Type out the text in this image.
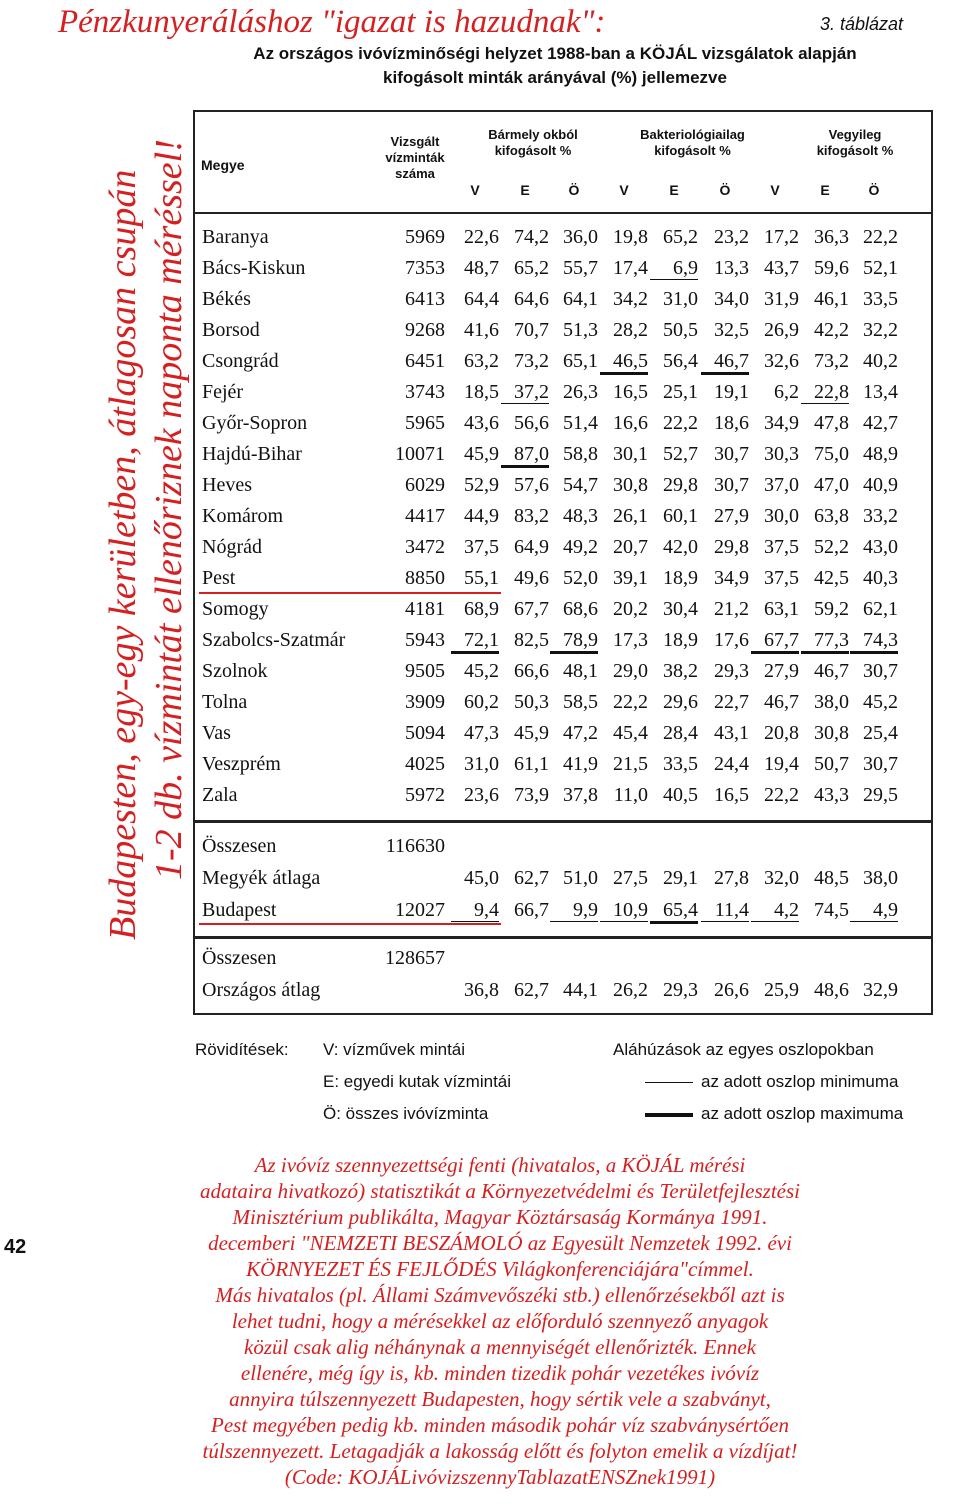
Pénzkunyeráláshoz "igazat is hazudnak":	3. táblázat
Az országos ivóvízminőségi helyzet 1988-ban a KÖJÁL vizsgálatok alapján
kifogásolt minták arányával (%) jellemezve
Budapesten, egy-egy kerületben, átlagosan csupán 1-2 db. vízmintát ellenőriznek naponta méréssel! Megye
Vizsgált vízminták száma
Bármely okból kifogásolt %
Bakteriológiailag kifogásolt %
Vegyileg kifogásolt %
V	E	Ö	V	E	Ö	V	E	Ö
Baranya	5969 22,6 74,2 36,0 19,8 65,2 23,2 17,2 36,3 22,2
Bács-Kiskun	7353 48,7 65,2 55,7 17,4	6,9 13,3 43,7 59,6 52,1
Békés	6413 64,4 64,6 64,1 34,2 31,0 34,0 31,9 46,1 33,5
Borsod	9268 41,6 70,7 51,3 28,2 50,5 32,5 26,9 42,2 32,2
Csongrád	6451 63,2 73,2 65,1 46,5 56,4 46,7 32,6 73,2 40,2
Fejér	3743 18,5 37,2 26,3 16,5 25,1 19,1	6,2 22,8 13,4
Győr-Sopron	5965 43,6 56,6 51,4 16,6 22,2 18,6 34,9 47,8 42,7
Hajdú-Bihar	10071 45,9 87,0 58,8 30,1 52,7 30,7 30,3 75,0 48,9
Heves	6029 52,9 57,6 54,7 30,8 29,8 30,7 37,0 47,0 40,9
Komárom	4417 44,9 83,2 48,3 26,1 60,1 27,9 30,0 63,8 33,2
Nógrád	3472 37,5 64,9 49,2 20,7 42,0 29,8 37,5 52,2 43,0
Pest	8850 55,1 49,6 52,0 39,1 18,9 34,9 37,5 42,5 40,3
Somogy	4181 68,9 67,7 68,6 20,2 30,4 21,2 63,1 59,2 62,1
Szabolcs-Szatmár	5943 72,1 82,5 78,9 17,3 18,9 17,6 67,7 77,3 74,3
Szolnok	9505 45,2 66,6 48,1 29,0 38,2 29,3 27,9 46,7 30,7
Tolna	3909 60,2 50,3 58,5 22,2 29,6 22,7 46,7 38,0 45,2
Vas	5094 47,3 45,9 47,2 45,4 28,4 43,1 20,8 30,8 25,4
Veszprém	4025 31,0 61,1 41,9 21,5 33,5 24,4 19,4 50,7 30,7
Zala	5972 23,6 73,9 37,8 11,0 40,5 16,5 22,2 43,3 29,5
Összesen	116630
Megyék átlaga	45,0 62,7 51,0 27,5 29,1 27,8 32,0 48,5 38,0
Budapest	12027	9,4 66,7	9,9 10,9 65,4 11,4	4,2 74,5	4,9
Összesen	128657
Országos átlag	36,8 62,7 44,1 26,2 29,3 26,6 25,9 48,6 32,9
Rövidítések: V: vízművek mintái
E: egyedi kutak vízmintái
Ö: összes ivóvízminta
Aláhúzások az egyes oszlopokban
az adott oszlop minimuma
az adott oszlop maximuma
42
Az ivóvíz szennyezettségi fenti (hivatalos, a KÖJÁL mérési
adataira hivatkozó) statisztikát a Környezetvédelmi és Területfejlesztési
Minisztérium publikálta, Magyar Köztársaság Kormánya 1991.
decemberi "NEMZETI BESZÁMOLÓ az Egyesült Nemzetek 1992. évi
KÖRNYEZET ÉS FEJLŐDÉS Világkonferenciájára"címmel.
Más hivatalos (pl. Állami Számvevőszéki stb.) ellenőrzésekből azt is
lehet tudni, hogy a mérésekkel az előforduló szennyező anyagok
közül csak alig néhánynak a mennyiségét ellenőrizték. Ennek
ellenére, még így is, kb. minden tizedik pohár vezetékes ivóvíz
annyira túlszennyezett Budapesten, hogy sértik vele a szabványt,
Pest megyében pedig kb. minden második pohár víz szabványsértően
túlszennyezett. Letagadják a lakosság előtt és folyton emelik a vízdíjat!
(Code: KOJÁLivóvizszennyTablazatENSZnek1991)
